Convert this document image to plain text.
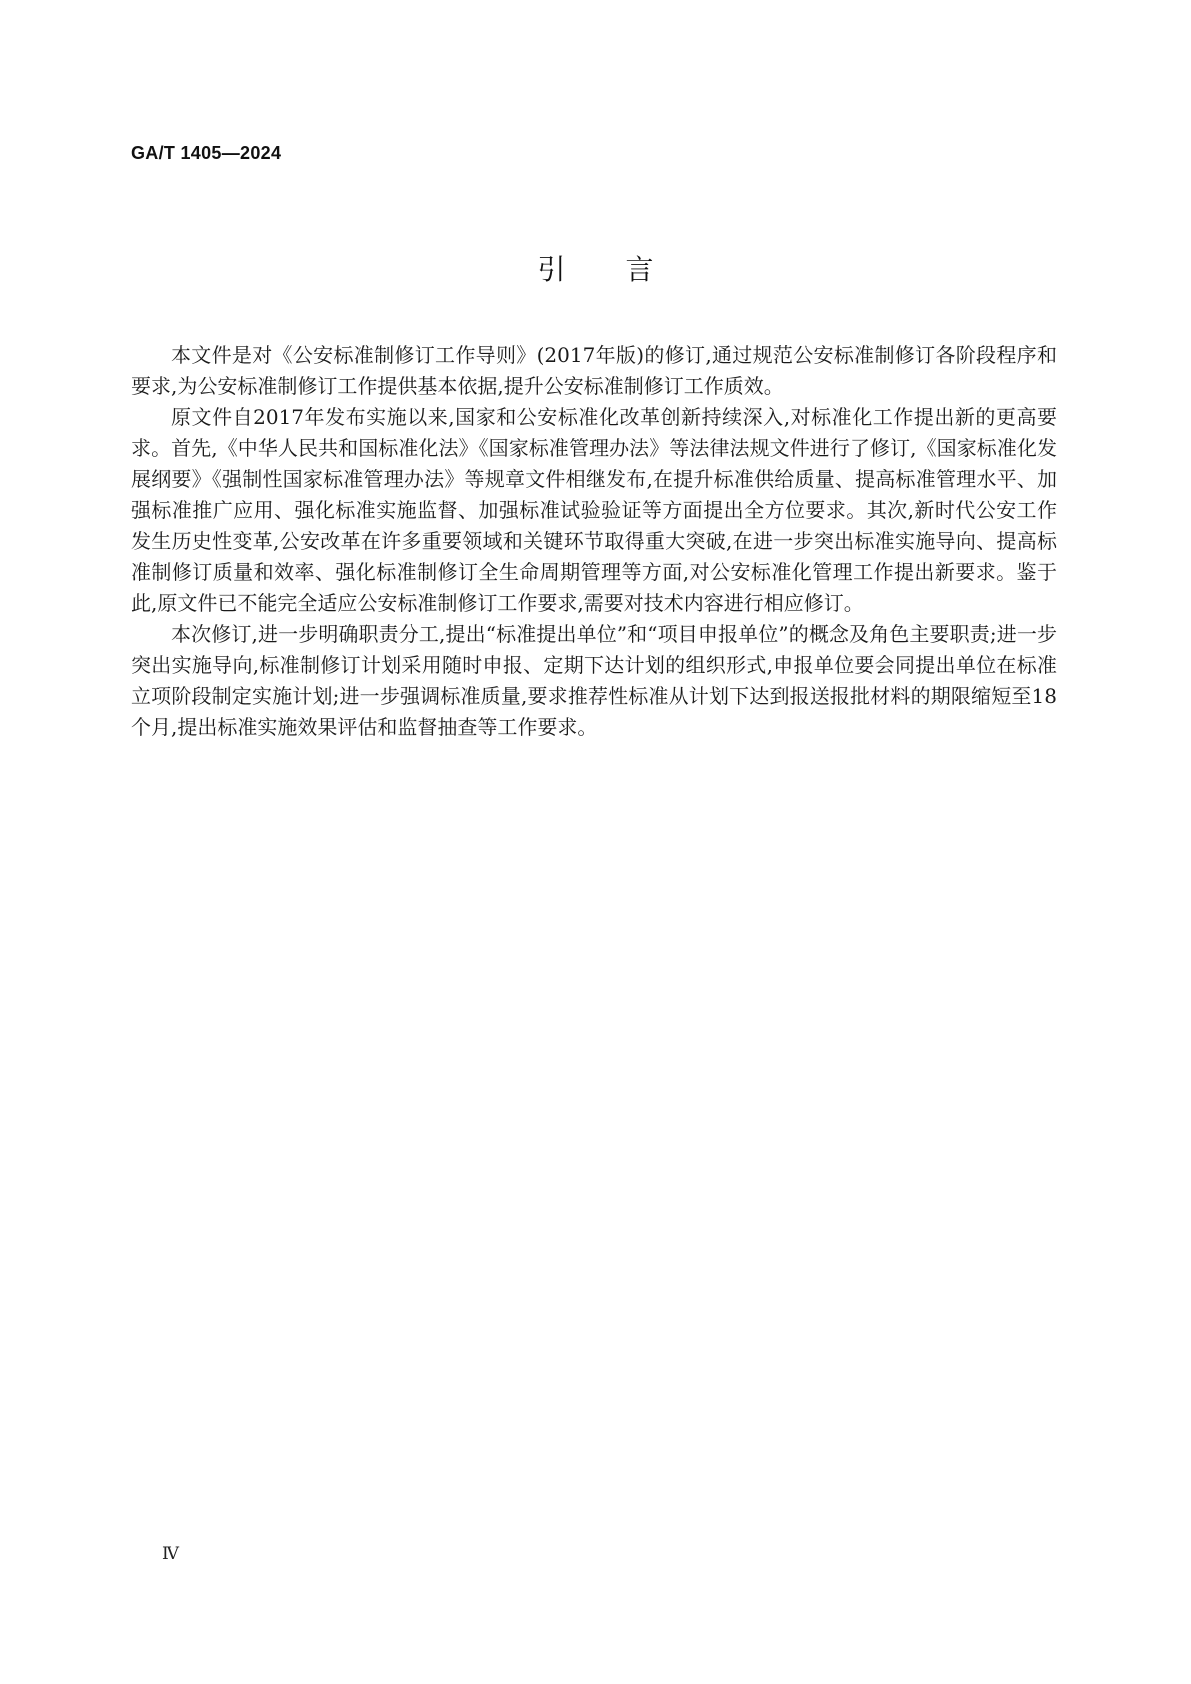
GA/T 1405—2024
引言

本文件是对《公安标准制修订工作导则》(2017年版)的修订,通过规范公安标准制修订各阶段程序和要求,为公安标准制修订工作提供基本依据,提升公安标准制修订工作质效。

原文件自2017年发布实施以来,国家和公安标准化改革创新持续深入,对标准化工作提出新的更高要求。首先,《中华人民共和国标准化法》《国家标准管理办法》等法律法规文件进行了修订,《国家标准化发展纲要》《强制性国家标准管理办法》等规章文件相继发布,在提升标准供给质量、提高标准管理水平、加强标准推广应用、强化标准实施监督、加强标准试验验证等方面提出全方位要求。其次,新时代公安工作发生历史性变革,公安改革在许多重要领域和关键环节取得重大突破,在进一步突出标准实施导向、提高标准制修订质量和效率、强化标准制修订全生命周期管理等方面,对公安标准化管理工作提出新要求。鉴于此,原文件已不能完全适应公安标准制修订工作要求,需要对技术内容进行相应修订。

本次修订,进一步明确职责分工,提出“标准提出单位”和“项目申报单位”的概念及角色主要职责;进一步突出实施导向,标准制修订计划采用随时申报、定期下达计划的组织形式,申报单位要会同提出单位在标准立项阶段制定实施计划;进一步强调标准质量,要求推荐性标准从计划下达到报送报批材料的期限缩短至18个月,提出标准实施效果评估和监督抽查等工作要求。

Ⅳ
